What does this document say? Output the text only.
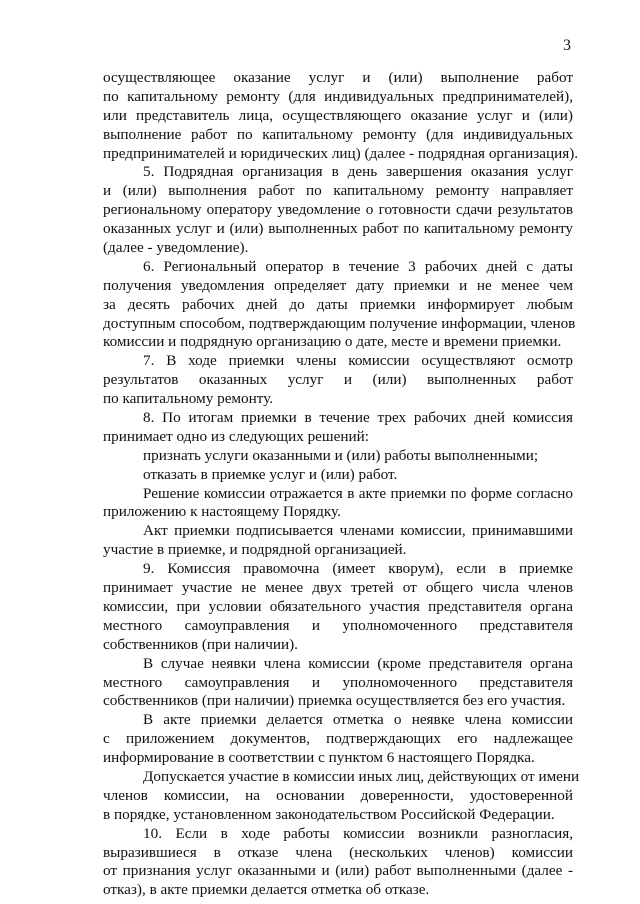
3
осуществляющее оказание услуг и (или) выполнение работ
по капитальному ремонту (для индивидуальных предпринимателей),
или представитель лица, осуществляющего оказание услуг и (или)
выполнение работ по капитальному ремонту (для индивидуальных
предпринимателей и юридических лиц) (далее - подрядная организация).
5. Подрядная организация в день завершения оказания услуг
и (или) выполнения работ по капитальному ремонту направляет
региональному оператору уведомление о готовности сдачи результатов
оказанных услуг и (или) выполненных работ по капитальному ремонту
(далее - уведомление).
6. Региональный оператор в течение 3 рабочих дней с даты
получения уведомления определяет дату приемки и не менее чем
за десять рабочих дней до даты приемки информирует любым
доступным способом, подтверждающим получение информации, членов
комиссии и подрядную организацию о дате, месте и времени приемки.
7. В ходе приемки члены комиссии осуществляют осмотр
результатов оказанных услуг и (или) выполненных работ
по капитальному ремонту.
8. По итогам приемки в течение трех рабочих дней комиссия
принимает одно из следующих решений:
признать услуги оказанными и (или) работы выполненными;
отказать в приемке услуг и (или) работ.
Решение комиссии отражается в акте приемки по форме согласно
приложению к настоящему Порядку.
Акт приемки подписывается членами комиссии, принимавшими
участие в приемке, и подрядной организацией.
9. Комиссия правомочна (имеет кворум), если в приемке
принимает участие не менее двух третей от общего числа членов
комиссии, при условии обязательного участия представителя органа
местного самоуправления и уполномоченного представителя
собственников (при наличии).
В случае неявки члена комиссии (кроме представителя органа
местного самоуправления и уполномоченного представителя
собственников (при наличии) приемка осуществляется без его участия.
В акте приемки делается отметка о неявке члена комиссии
с приложением документов, подтверждающих его надлежащее
информирование в соответствии с пунктом 6 настоящего Порядка.
Допускается участие в комиссии иных лиц, действующих от имени
членов комиссии, на основании доверенности, удостоверенной
в порядке, установленном законодательством Российской Федерации.
10. Если в ходе работы комиссии возникли разногласия,
выразившиеся в отказе члена (нескольких членов) комиссии
от признания услуг оказанными и (или) работ выполненными (далее -
отказ), в акте приемки делается отметка об отказе.
